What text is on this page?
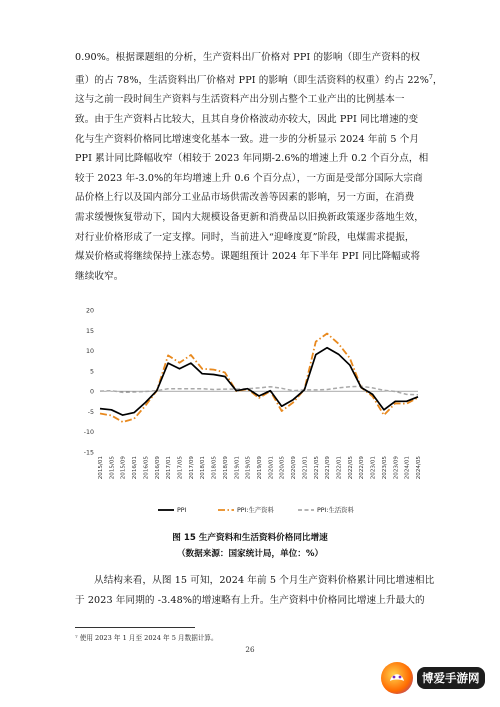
0.90%。根据课题组的分析，生产资料出厂价格对 PPI 的影响（即生产资料的权
重）的占 78%，生活资料出厂价格对 PPI 的影响（即生活资料的权重）约占 22%$^7$，
这与之前一段时间生产资料与生活资料产出分别占整个工业产出的比例基本一
致。由于生产资料占比较大，且其自身价格波动亦较大，因此 PPI 同比增速的变
化与生产资料价格同比增速变化基本一致。进一步的分析显示 2024 年前 5 个月
PPI 累计同比降幅收窄（相较于 2023 年同期-2.6%的增速上升 0.2 个百分点，相
较于 2023 年-3.0%的年均增速上升 0.6 个百分点），一方面是受部分国际大宗商
品价格上行以及国内部分工业品市场供需改善等因素的影响，另一方面，在消费
需求缓慢恢复带动下，国内大规模设备更新和消费品以旧换新政策逐步落地生效，
对行业价格形成了一定支撑。同时，当前进入“迎峰度夏”阶段，电煤需求提振，
煤炭价格或将继续保持上涨态势。课题组预计 2024 年下半年 PPI 同比降幅或将
继续收窄。
-15
-10
-5
0
5
10
15
20
2015/01 2015/05 2015/09 2016/01 2016/05 2016/09 2017/01 2017/05 2017/09 2018/01 2018/05 2018/09 2019/01 2019/05 2019/09 2020/01 2020/05 2020/09 2021/01 2021/05 2021/09 2022/01 2022/05 2022/09 2023/01 2023/05 2023/09 2024/01 2024/05
PPI	PPI:生产资料	PPI:生活资料
图 15 生产资料和生活资料价格同比增速
（数据来源：国家统计局，单位：%）
从结构来看，从图 15 可知，2024 年前 5 个月生产资料价格累计同比增速相比
于 2023 年同期的 -3.48%的增速略有上升。生产资料中价格同比增速上升最大的
⁷ 使用 2023 年 1 月至 2024 年 5 月数据计算。
26
博爱手游网
